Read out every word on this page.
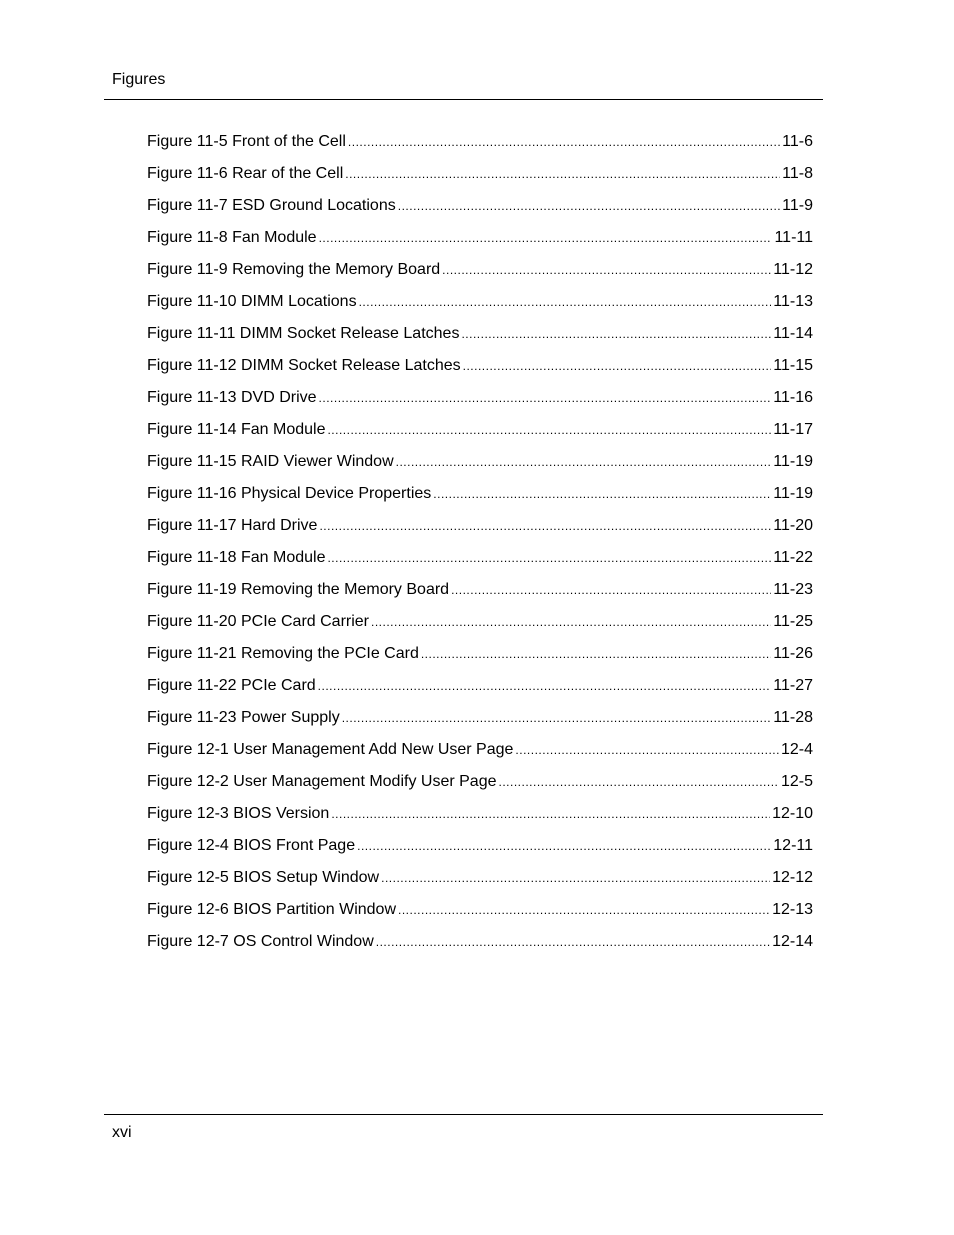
Figures
Figure 11-5 Front of the Cell .....	11-6
Figure 11-6 Rear of the Cell .....	11-8
Figure 11-7 ESD Ground Locations .....	11-9
Figure 11-8 Fan Module .....	11-11
Figure 11-9 Removing the Memory Board .....	11-12
Figure 11-10 DIMM Locations .....	11-13
Figure 11-11 DIMM Socket Release Latches .....	11-14
Figure 11-12 DIMM Socket Release Latches .....	11-15
Figure 11-13 DVD Drive .....	11-16
Figure 11-14 Fan Module .....	11-17
Figure 11-15 RAID Viewer Window .....	11-19
Figure 11-16 Physical Device Properties .....	11-19
Figure 11-17 Hard Drive .....	11-20
Figure 11-18 Fan Module .....	11-22
Figure 11-19 Removing the Memory Board .....	11-23
Figure 11-20 PCIe Card Carrier .....	11-25
Figure 11-21 Removing the PCIe Card .....	11-26
Figure 11-22 PCIe Card .....	11-27
Figure 11-23 Power Supply .....	11-28
Figure 12-1 User Management Add New User Page .....	12-4
Figure 12-2 User Management Modify User Page .....	12-5
Figure 12-3 BIOS Version .....	12-10
Figure 12-4 BIOS Front Page .....	12-11
Figure 12-5 BIOS Setup Window .....	12-12
Figure 12-6 BIOS Partition Window .....	12-13
Figure 12-7 OS Control Window .....	12-14
xvi
